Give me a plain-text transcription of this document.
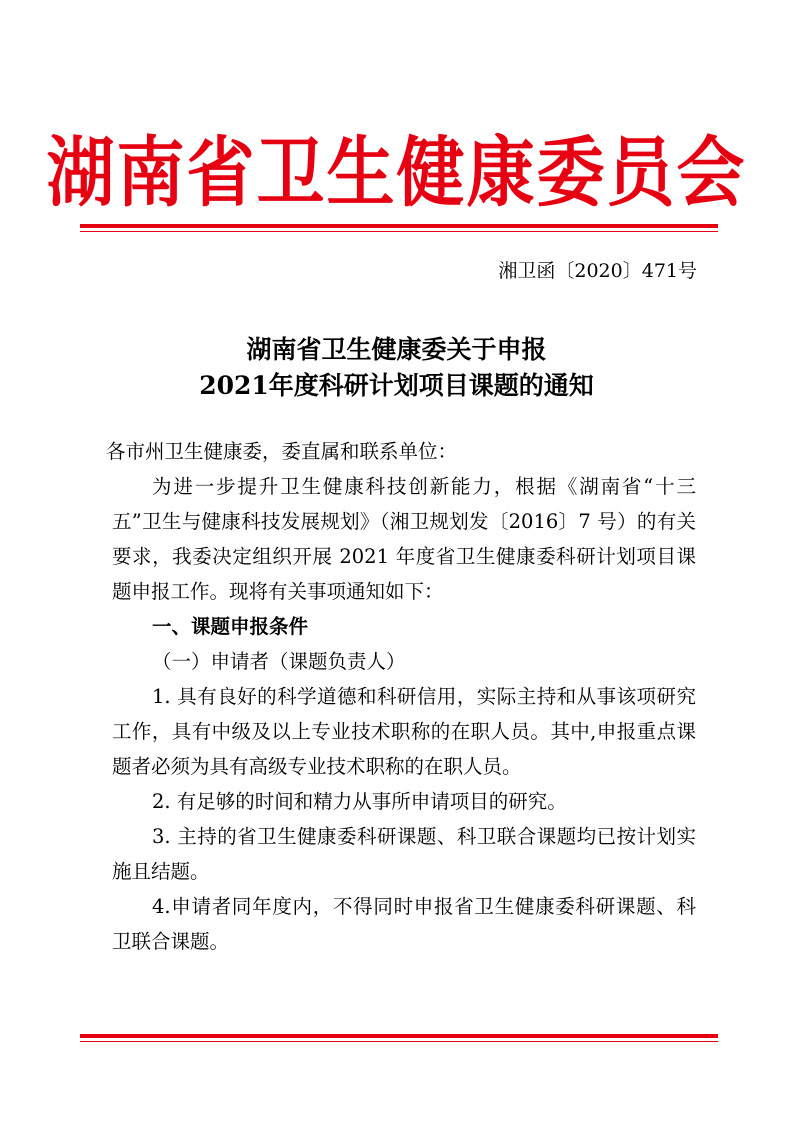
湖南省卫生健康委员会
湘卫函〔2020〕471号
湖南省卫生健康委关于申报
2021年度科研计划项目课题的通知

各市州卫生健康委，委直属和联系单位：

为进一步提升卫生健康科技创新能力，根据《湖南省“十三五”卫生与健康科技发展规划》（湘卫规划发〔2016〕7 号）的有关要求，我委决定组织开展 2021 年度省卫生健康委科研计划项目课题申报工作。现将有关事项通知如下：

一、课题申报条件

（一）申请者（课题负责人）

1. 具有良好的科学道德和科研信用，实际主持和从事该项研究工作，具有中级及以上专业技术职称的在职人员。其中,申报重点课题者必须为具有高级专业技术职称的在职人员。

2. 有足够的时间和精力从事所申请项目的研究。

3. 主持的省卫生健康委科研课题、科卫联合课题均已按计划实施且结题。

4.申请者同年度内，不得同时申报省卫生健康委科研课题、科卫联合课题。
